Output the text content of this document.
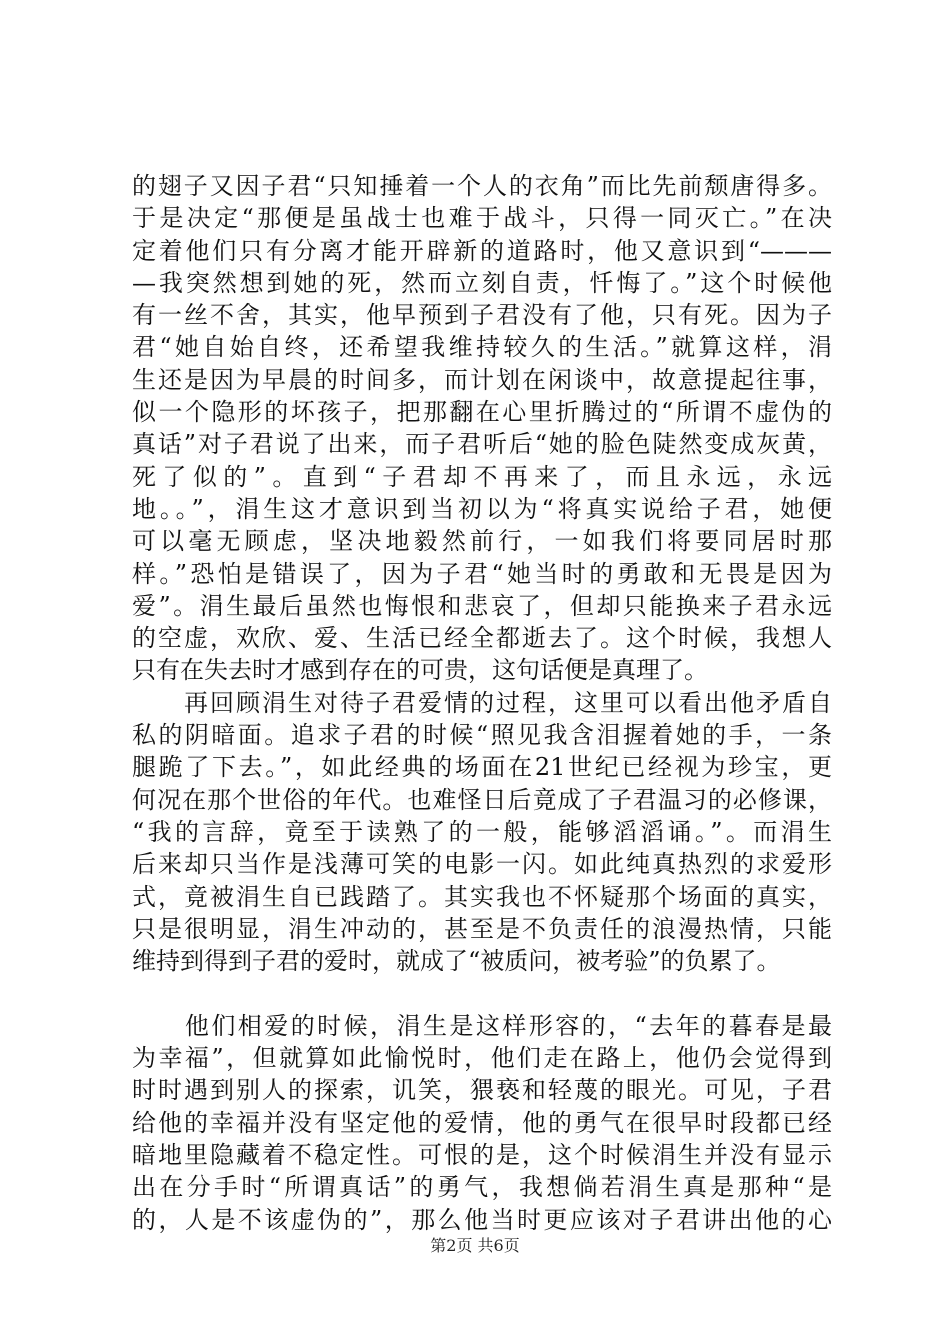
的翅子又因子君“只知捶着一个人的衣角”而比先前颓唐得多。
于是决定“那便是虽战士也难于战斗，只得一同灭亡。”在决
定着他们只有分离才能开辟新的道路时，他又意识到“———
—我突然想到她的死，然而立刻自责，忏悔了。”这个时候他
有一丝不舍，其实，他早预到子君没有了他，只有死。因为子
君“她自始自终，还希望我维持较久的生活。”就算这样，涓
生还是因为早晨的时间多，而计划在闲谈中，故意提起往事，
似一个隐形的坏孩子，把那翻在心里折腾过的“所谓不虚伪的
真话”对子君说了出来，而子君听后“她的脸色陡然变成灰黄，
死了似的”。直到“子君却不再来了，而且永远，永远
地。。”，涓生这才意识到当初以为“将真实说给子君，她便
可以毫无顾虑，坚决地毅然前行，一如我们将要同居时那
样。”恐怕是错误了，因为子君“她当时的勇敢和无畏是因为
爱”。涓生最后虽然也悔恨和悲哀了，但却只能换来子君永远
的空虚，欢欣、爱、生活已经全都逝去了。这个时候，我想人
只有在失去时才感到存在的可贵，这句话便是真理了。
　　再回顾涓生对待子君爱情的过程，这里可以看出他矛盾自
私的阴暗面。追求子君的时候“照见我含泪握着她的手，一条
腿跪了下去。”，如此经典的场面在21世纪已经视为珍宝，更
何况在那个世俗的年代。也难怪日后竟成了子君温习的必修课，
“我的言辞，竟至于读熟了的一般，能够滔滔诵。”。而涓生
后来却只当作是浅薄可笑的电影一闪。如此纯真热烈的求爱形
式，竟被涓生自已践踏了。其实我也不怀疑那个场面的真实，
只是很明显，涓生冲动的，甚至是不负责任的浪漫热情，只能
维持到得到子君的爱时，就成了“被质问，被考验”的负累了。
　　他们相爱的时候，涓生是这样形容的，“去年的暮春是最
为幸福”，但就算如此愉悦时，他们走在路上，他仍会觉得到
时时遇到别人的探索，讥笑，猥亵和轻蔑的眼光。可见，子君
给他的幸福并没有坚定他的爱情，他的勇气在很早时段都已经
暗地里隐藏着不稳定性。可恨的是，这个时候涓生并没有显示
出在分手时“所谓真话”的勇气，我想倘若涓生真是那种“是
的，人是不该虚伪的”，那么他当时更应该对子君讲出他的心
第2页 共6页
